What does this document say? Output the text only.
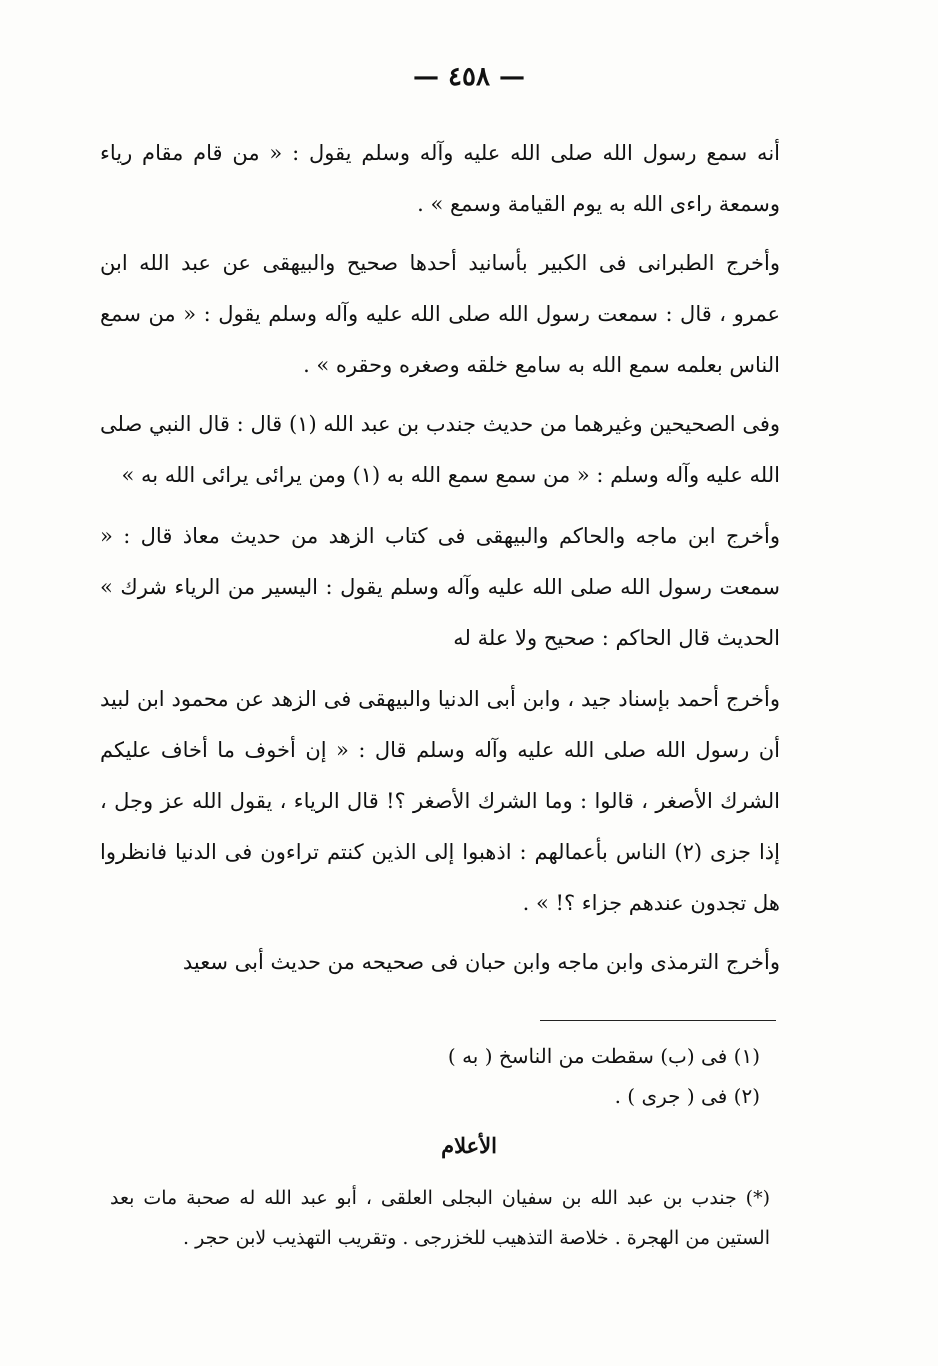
— ٤٥٨ —

أنه سمع رسول الله صلى الله عليه وآله وسلم يقول : « من قام مقام رياء وسمعة راءى الله به يوم القيامة وسمع » .

وأخرج الطبرانى فى الكبير بأسانيد أحدها صحيح والبيهقى عن عبد الله ابن عمرو ، قال : سمعت رسول الله صلى الله عليه وآله وسلم يقول : « من سمع الناس بعلمه سمع الله به سامع خلقه وصغره وحقره » .

وفى الصحيحين وغيرهما من حديث جندب بن عبد الله (١) قال : قال النبي صلى الله عليه وآله وسلم : « من سمع سمع الله به (١) ومن يرائى يرائى الله به »

وأخرج ابن ماجه والحاكم والبيهقى فى كتاب الزهد من حديث معاذ قال : « سمعت رسول الله صلى الله عليه وآله وسلم يقول : اليسير من الرياء شرك » الحديث قال الحاكم : صحيح ولا علة له

وأخرج أحمد بإسناد جيد ، وابن أبى الدنيا والبيهقى فى الزهد عن محمود ابن لبيد أن رسول الله صلى الله عليه وآله وسلم قال : « إن أخوف ما أخاف عليكم الشرك الأصغر ، قالوا : وما الشرك الأصغر ؟! قال الرياء ، يقول الله عز وجل ، إذا جزى (٢) الناس بأعمالهم : اذهبوا إلى الذين كنتم تراءون فى الدنيا فانظروا هل تجدون عندهم جزاء ؟! » .

وأخرج الترمذى وابن ماجه وابن حبان فى صحيحه من حديث أبى سعيد

(١) فى (ب) سقطت من الناسخ ( به )
(٢) فى ( جرى ) .
الأعلام
(*) جندب بن عبد الله بن سفيان البجلى العلقى ، أبو عبد الله له صحبة مات بعد الستين من الهجرة . خلاصة التذهيب للخزرجى . وتقريب التهذيب لابن حجر .
